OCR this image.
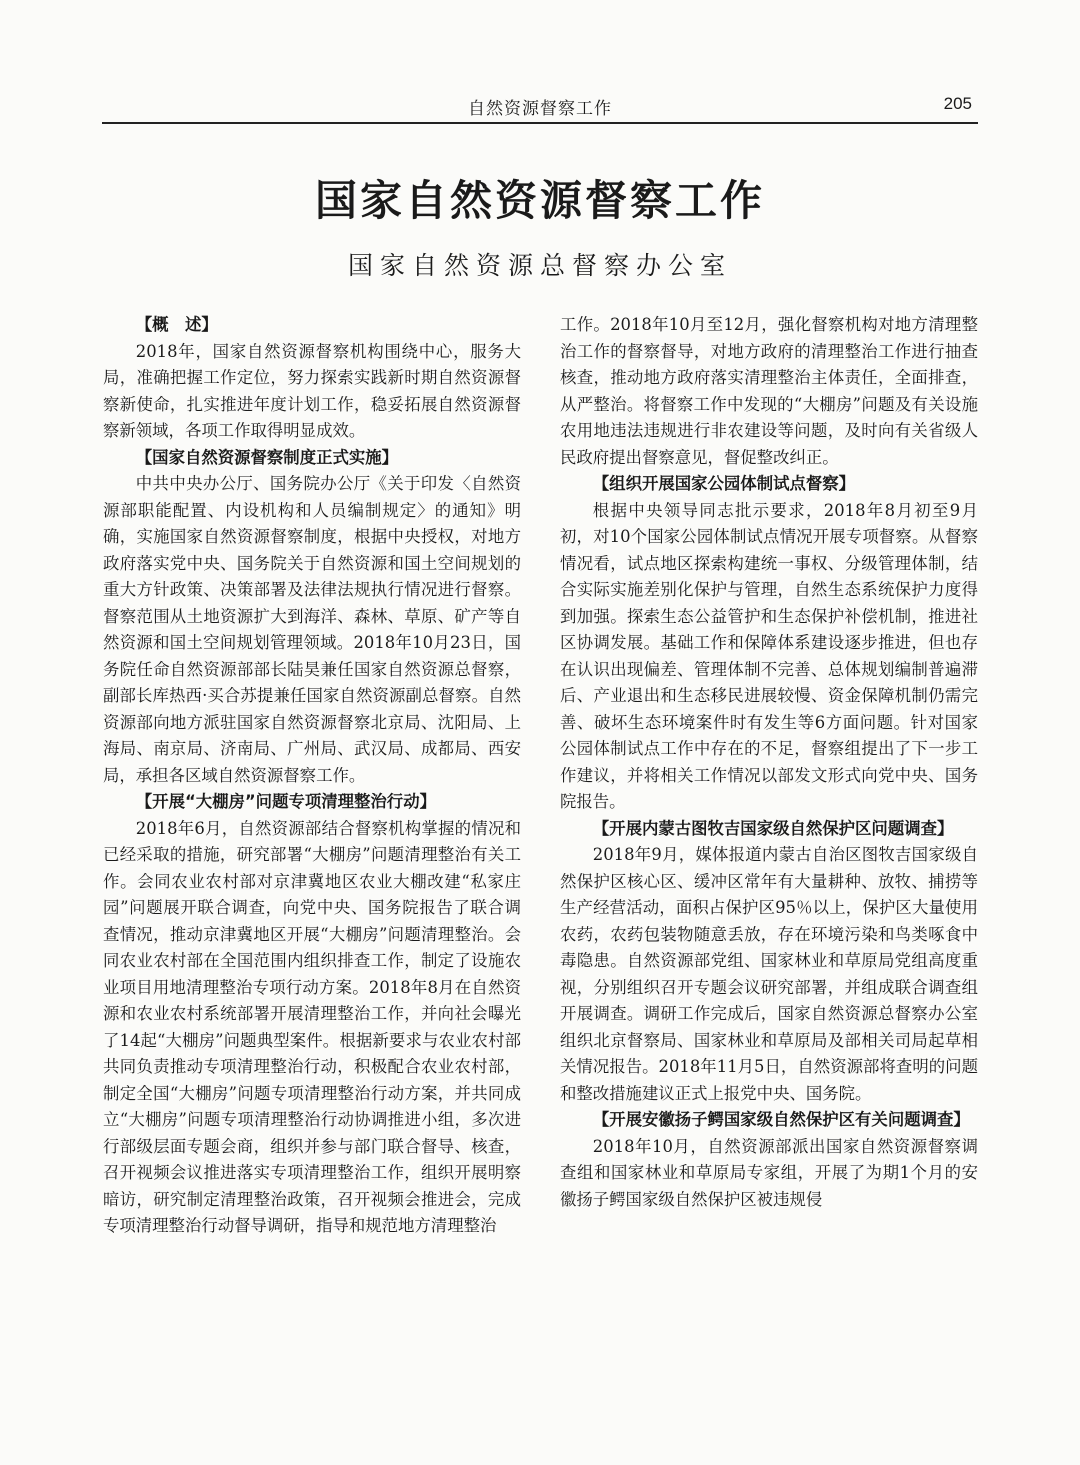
自然资源督察工作	205
国家自然资源督察工作
国家自然资源总督察办公室
【概　述】

2018年，国家自然资源督察机构围绕中心，服务大局，准确把握工作定位，努力探索实践新时期自然资源督察新使命，扎实推进年度计划工作，稳妥拓展自然资源督察新领域，各项工作取得明显成效。

【国家自然资源督察制度正式实施】

中共中央办公厅、国务院办公厅《关于印发〈自然资源部职能配置、内设机构和人员编制规定〉的通知》明确，实施国家自然资源督察制度，根据中央授权，对地方政府落实党中央、国务院关于自然资源和国土空间规划的重大方针政策、决策部署及法律法规执行情况进行督察。督察范围从土地资源扩大到海洋、森林、草原、矿产等自然资源和国土空间规划管理领域。2018年10月23日，国务院任命自然资源部部长陆昊兼任国家自然资源总督察，副部长库热西·买合苏提兼任国家自然资源副总督察。自然资源部向地方派驻国家自然资源督察北京局、沈阳局、上海局、南京局、济南局、广州局、武汉局、成都局、西安局，承担各区域自然资源督察工作。

【开展“大棚房”问题专项清理整治行动】

2018年6月，自然资源部结合督察机构掌握的情况和已经采取的措施，研究部署“大棚房”问题清理整治有关工作。会同农业农村部对京津冀地区农业大棚改建“私家庄园”问题展开联合调查，向党中央、国务院报告了联合调查情况，推动京津冀地区开展“大棚房”问题清理整治。会同农业农村部在全国范围内组织排查工作，制定了设施农业项目用地清理整治专项行动方案。2018年8月在自然资源和农业农村系统部署开展清理整治工作，并向社会曝光了14起“大棚房”问题典型案件。根据新要求与农业农村部共同负责推动专项清理整治行动，积极配合农业农村部，制定全国“大棚房”问题专项清理整治行动方案，并共同成立“大棚房”问题专项清理整治行动协调推进小组，多次进行部级层面专题会商，组织并参与部门联合督导、核查，召开视频会议推进落实专项清理整治工作，组织开展明察暗访，研究制定清理整治政策，召开视频会推进会，完成专项清理整治行动督导调研，指导和规范地方清理整治

工作。2018年10月至12月，强化督察机构对地方清理整治工作的督察督导，对地方政府的清理整治工作进行抽查核查，推动地方政府落实清理整治主体责任，全面排查，从严整治。将督察工作中发现的“大棚房”问题及有关设施农用地违法违规进行非农建设等问题，及时向有关省级人民政府提出督察意见，督促整改纠正。

【组织开展国家公园体制试点督察】

根据中央领导同志批示要求，2018年8月初至9月初，对10个国家公园体制试点情况开展专项督察。从督察情况看，试点地区探索构建统一事权、分级管理体制，结合实际实施差别化保护与管理，自然生态系统保护力度得到加强。探索生态公益管护和生态保护补偿机制，推进社区协调发展。基础工作和保障体系建设逐步推进，但也存在认识出现偏差、管理体制不完善、总体规划编制普遍滞后、产业退出和生态移民进展较慢、资金保障机制仍需完善、破坏生态环境案件时有发生等6方面问题。针对国家公园体制试点工作中存在的不足，督察组提出了下一步工作建议，并将相关工作情况以部发文形式向党中央、国务院报告。

【开展内蒙古图牧吉国家级自然保护区问题调查】

2018年9月，媒体报道内蒙古自治区图牧吉国家级自然保护区核心区、缓冲区常年有大量耕种、放牧、捕捞等生产经营活动，面积占保护区95％以上，保护区大量使用农药，农药包装物随意丢放，存在环境污染和鸟类啄食中毒隐患。自然资源部党组、国家林业和草原局党组高度重视，分别组织召开专题会议研究部署，并组成联合调查组开展调查。调研工作完成后，国家自然资源总督察办公室组织北京督察局、国家林业和草原局及部相关司局起草相关情况报告。2018年11月5日，自然资源部将查明的问题和整改措施建议正式上报党中央、国务院。

【开展安徽扬子鳄国家级自然保护区有关问题调查】

2018年10月，自然资源部派出国家自然资源督察调查组和国家林业和草原局专家组，开展了为期1个月的安徽扬子鳄国家级自然保护区被违规侵
